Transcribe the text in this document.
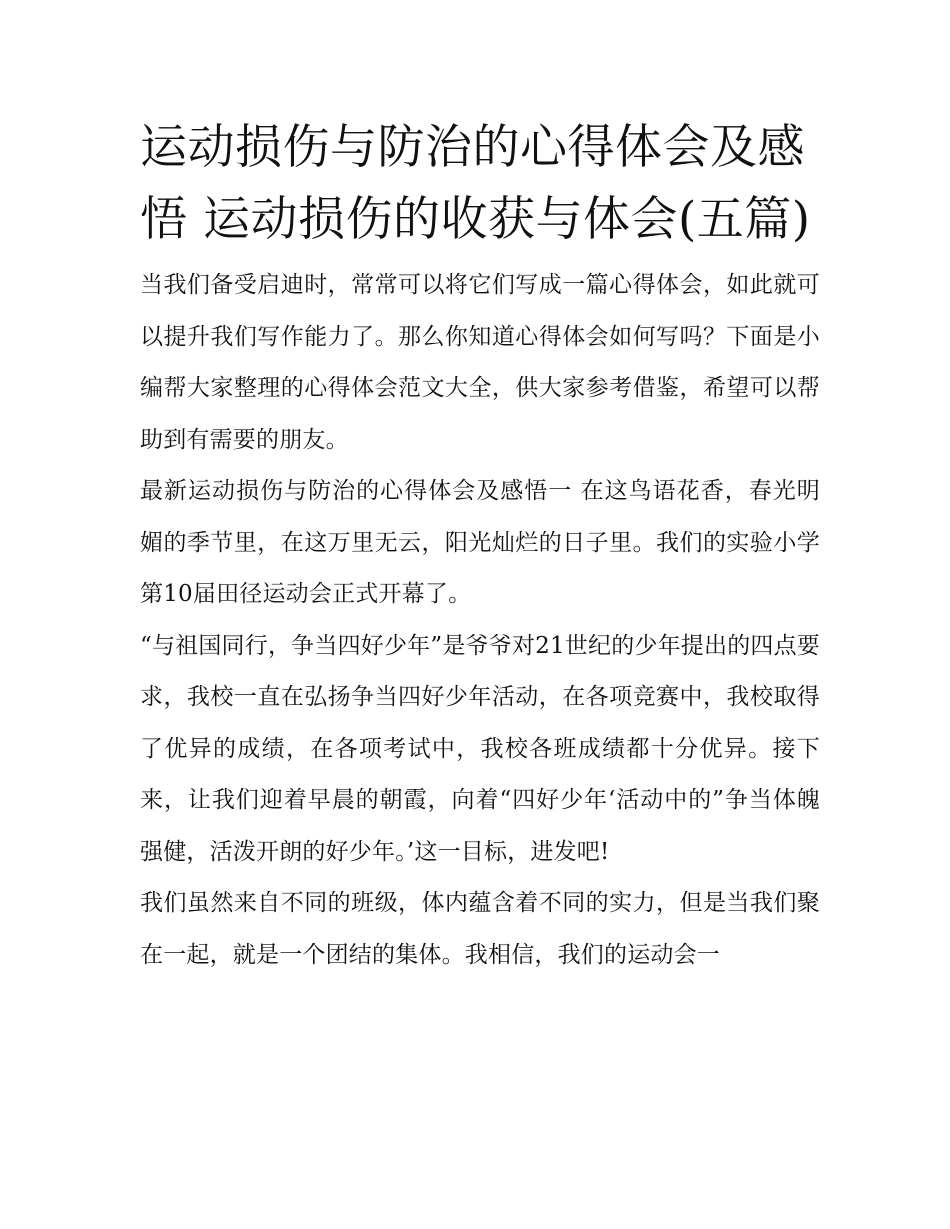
运动损伤与防治的心得体会及感悟 运动损伤的收获与体会(五篇)

当我们备受启迪时，常常可以将它们写成一篇心得体会，如此就可以提升我们写作能力了。那么你知道心得体会如何写吗？下面是小编帮大家整理的心得体会范文大全，供大家参考借鉴，希望可以帮助到有需要的朋友。

最新运动损伤与防治的心得体会及感悟一 在这鸟语花香，春光明媚的季节里，在这万里无云，阳光灿烂的日子里。我们的实验小学第10届田径运动会正式开幕了。

“与祖国同行，争当四好少年”是爷爷对21世纪的少年提出的四点要求，我校一直在弘扬争当四好少年活动，在各项竞赛中，我校取得了优异的成绩，在各项考试中，我校各班成绩都十分优异。接下来，让我们迎着早晨的朝霞，向着“四好少年‘活动中的”争当体魄强健，活泼开朗的好少年。’这一目标，进发吧!

我们虽然来自不同的班级，体内蕴含着不同的实力，但是当我们聚在一起，就是一个团结的集体。我相信，我们的运动会一
